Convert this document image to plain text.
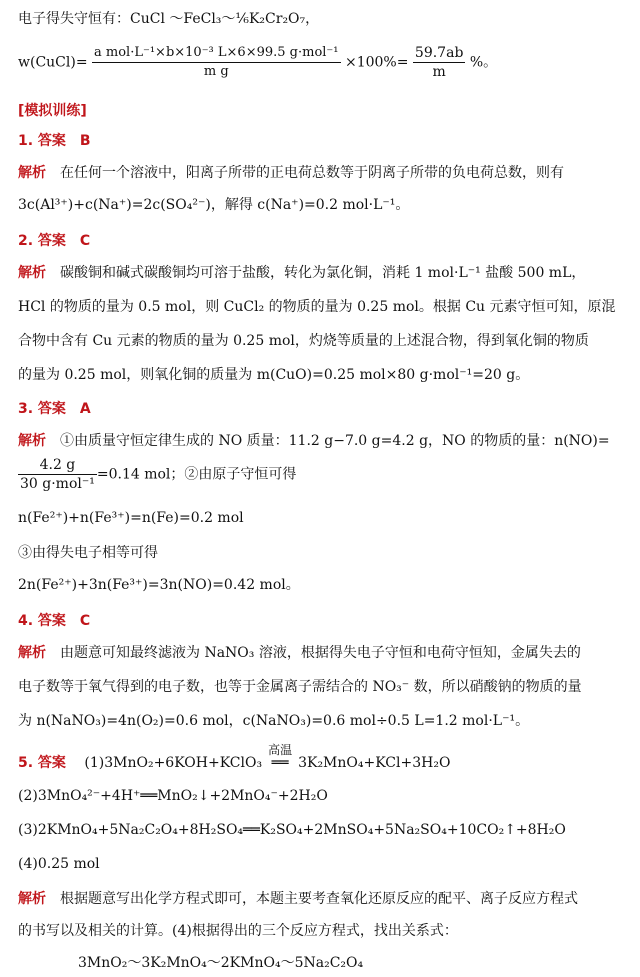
电子得失守恒有：CuCl ～FeCl₃～⅙K₂Cr₂O₇，
w(CuCl)= $\frac{\text{a mol·L⁻¹×b×10⁻³ L×6×99.5 g·mol⁻¹}}{\text{m g}} \times 100\%= \frac{59.7ab}{m}$ %。
[模拟训练]
1. 答案　B
解析　 在任何一个溶液中，阳离子所带的正电荷总数等于阴离子所带的负电荷总数，则有
3c(Al³⁺)+c(Na⁺)=2c(SO₄²⁻)，解得 c(Na⁺)=0.2 mol·L⁻¹。
2. 答案　C
解析　 碳酸铜和碱式碳酸铜均可溶于盐酸，转化为氯化铜，消耗 1 mol·L⁻¹ 盐酸 500 mL，
HCl 的物质的量为 0.5 mol，则 CuCl₂ 的物质的量为 0.25 mol。根据 Cu 元素守恒可知，原混
合物中含有 Cu 元素的物质的量为 0.25 mol，灼烧等质量的上述混合物，得到氧化铜的物质
的量为 0.25 mol，则氧化铜的质量为 m(CuO)=0.25 mol×80 g·mol⁻¹=20 g。
3. 答案　A
解析　 ①由质量守恒定律生成的 NO 质量：11.2 g−7.0 g=4.2 g，NO 的物质的量：n(NO)=
$\frac{4.2 g}{\text{30 g·mol⁻¹}} =0.14$ mol；②由原子守恒可得
n(Fe²⁺)+n(Fe³⁺)=n(Fe)=0.2 mol
③由得失电子相等可得
2n(Fe²⁺)+3n(Fe³⁺)=3n(NO)=0.42 mol。
4. 答案　C
解析　 由题意可知最终滤液为 NaNO₃ 溶液，根据得失电子守恒和电荷守恒知，金属失去的
电子数等于氧气得到的电子数，也等于金属离子需结合的 NO₃⁻ 数，所以硝酸钠的物质的量
为 n(NaNO₃)=4n(O₂)=0.6 mol，c(NaNO₃)=0.6 mol÷0.5 L=1.2 mol·L⁻¹。
5. 答案　 (1)3MnO₂+6KOH+KClO₃
高温
══ 3K₂MnO₄+KCl+3H₂O
(2)3MnO₄²⁻+4H⁺══MnO₂↓+2MnO₄⁻+2H₂O
(3)2KMnO₄+5Na₂C₂O₄+8H₂SO₄══K₂SO₄+2MnSO₄+5Na₂SO₄+10CO₂↑+8H₂O
(4)0.25 mol
解析　 根据题意写出化学方程式即可，本题主要考查氧化还原反应的配平、离子反应方程式
的书写以及相关的计算。(4)根据得出的三个反应方程式，找出关系式：
3MnO₂～3K₂MnO₄～2KMnO₄～5Na₂C₂O₄
